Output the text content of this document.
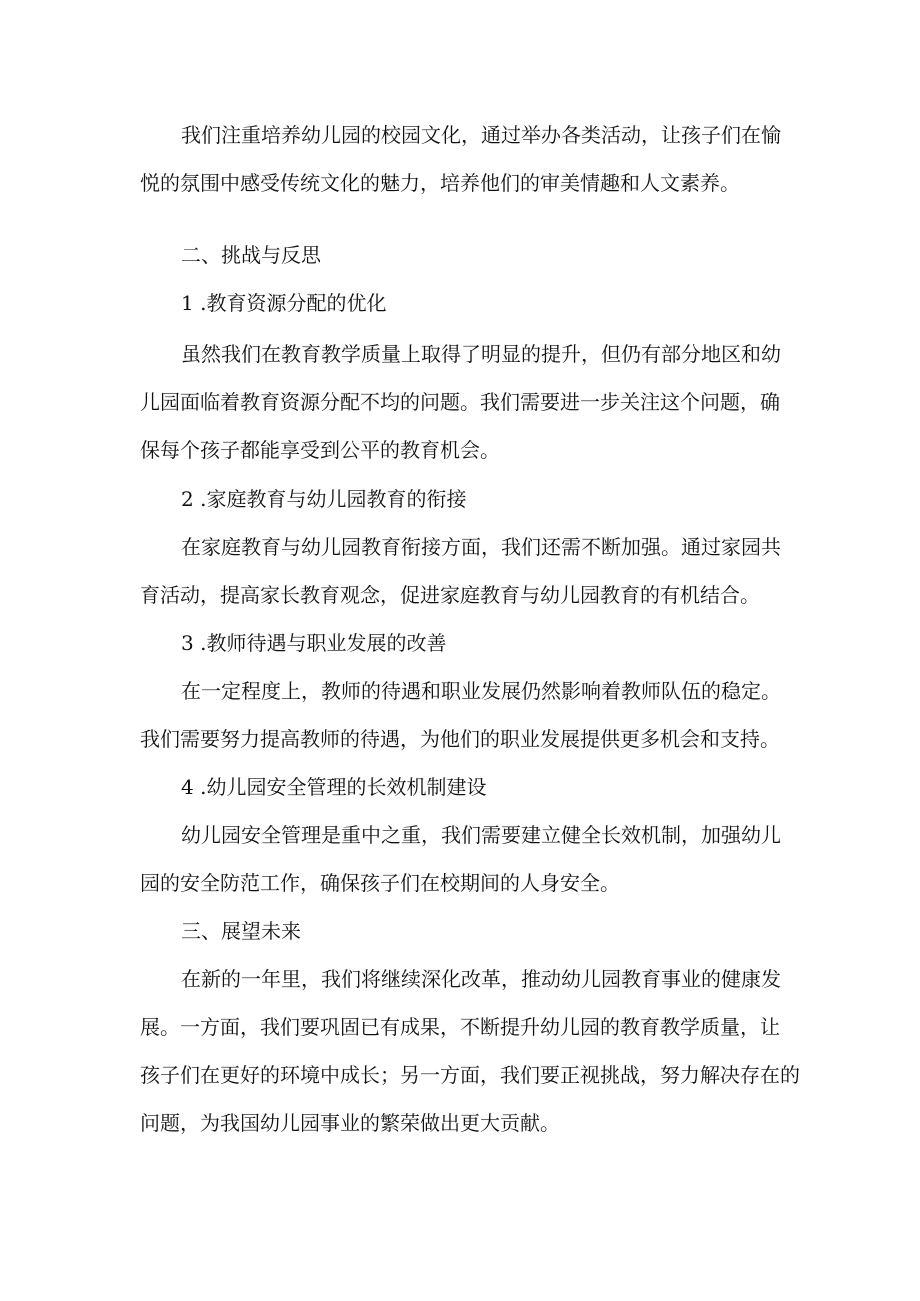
我们注重培养幼儿园的校园文化，通过举办各类活动，让孩子们在愉
悦的氛围中感受传统文化的魅力，培养他们的审美情趣和人文素养。
二、挑战与反思
1 .教育资源分配的优化
虽然我们在教育教学质量上取得了明显的提升，但仍有部分地区和幼
儿园面临着教育资源分配不均的问题。我们需要进一步关注这个问题，确
保每个孩子都能享受到公平的教育机会。
2 .家庭教育与幼儿园教育的衔接
在家庭教育与幼儿园教育衔接方面，我们还需不断加强。通过家园共
育活动，提高家长教育观念，促进家庭教育与幼儿园教育的有机结合。
3 .教师待遇与职业发展的改善
在一定程度上，教师的待遇和职业发展仍然影响着教师队伍的稳定。
我们需要努力提高教师的待遇，为他们的职业发展提供更多机会和支持。
4 .幼儿园安全管理的长效机制建设
幼儿园安全管理是重中之重，我们需要建立健全长效机制，加强幼儿
园的安全防范工作，确保孩子们在校期间的人身安全。
三、展望未来
在新的一年里，我们将继续深化改革，推动幼儿园教育事业的健康发
展。一方面，我们要巩固已有成果，不断提升幼儿园的教育教学质量，让
孩子们在更好的环境中成长；另一方面，我们要正视挑战，努力解决存在的
问题，为我国幼儿园事业的繁荣做出更大贡献。
